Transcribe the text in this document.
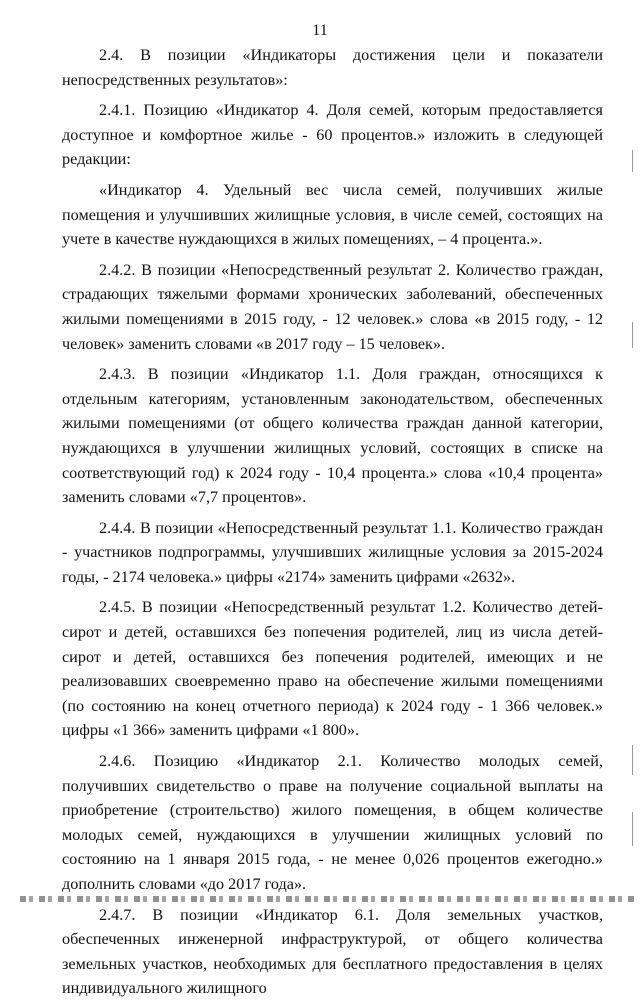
11

2.4. В позиции «Индикаторы достижения цели и показатели непосредственных результатов»:

2.4.1. Позицию «Индикатор 4. Доля семей, которым предоставляется доступное и комфортное жилье - 60 процентов.» изложить в следующей редакции:

«Индикатор 4. Удельный вес числа семей, получивших жилые помещения и улучшивших жилищные условия, в числе семей, состоящих на учете в качестве нуждающихся в жилых помещениях, – 4 процента.».

2.4.2. В позиции «Непосредственный результат 2. Количество граждан, страдающих тяжелыми формами хронических заболеваний, обеспеченных жилыми помещениями в 2015 году, - 12 человек.» слова «в 2015 году, - 12 человек» заменить словами «в 2017 году – 15 человек».

2.4.3. В позиции «Индикатор 1.1. Доля граждан, относящихся к отдельным категориям, установленным законодательством, обеспеченных жилыми помещениями (от общего количества граждан данной категории, нуждающихся в улучшении жилищных условий, состоящих в списке на соответствующий год) к 2024 году - 10,4 процента.» слова «10,4 процента» заменить словами «7,7 процентов».

2.4.4. В позиции «Непосредственный результат 1.1. Количество граждан - участников подпрограммы, улучшивших жилищные условия за 2015-2024 годы, - 2174 человека.» цифры «2174» заменить цифрами «2632».

2.4.5. В позиции «Непосредственный результат 1.2. Количество детей-сирот и детей, оставшихся без попечения родителей, лиц из числа детей-сирот и детей, оставшихся без попечения родителей, имеющих и не реализовавших своевременно право на обеспечение жилыми помещениями (по состоянию на конец отчетного периода) к 2024 году - 1 366 человек.» цифры «1 366» заменить цифрами «1 800».

2.4.6. Позицию «Индикатор 2.1. Количество молодых семей, получивших свидетельство о праве на получение социальной выплаты на приобретение (строительство) жилого помещения, в общем количестве молодых семей, нуждающихся в улучшении жилищных условий по состоянию на 1 января 2015 года, - не менее 0,026 процентов ежегодно.» дополнить словами «до 2017 года».

2.4.7. В позиции «Индикатор 6.1. Доля земельных участков, обеспеченных инженерной инфраструктурой, от общего количества земельных участков, необходимых для бесплатного предоставления в целях индивидуального жилищного
